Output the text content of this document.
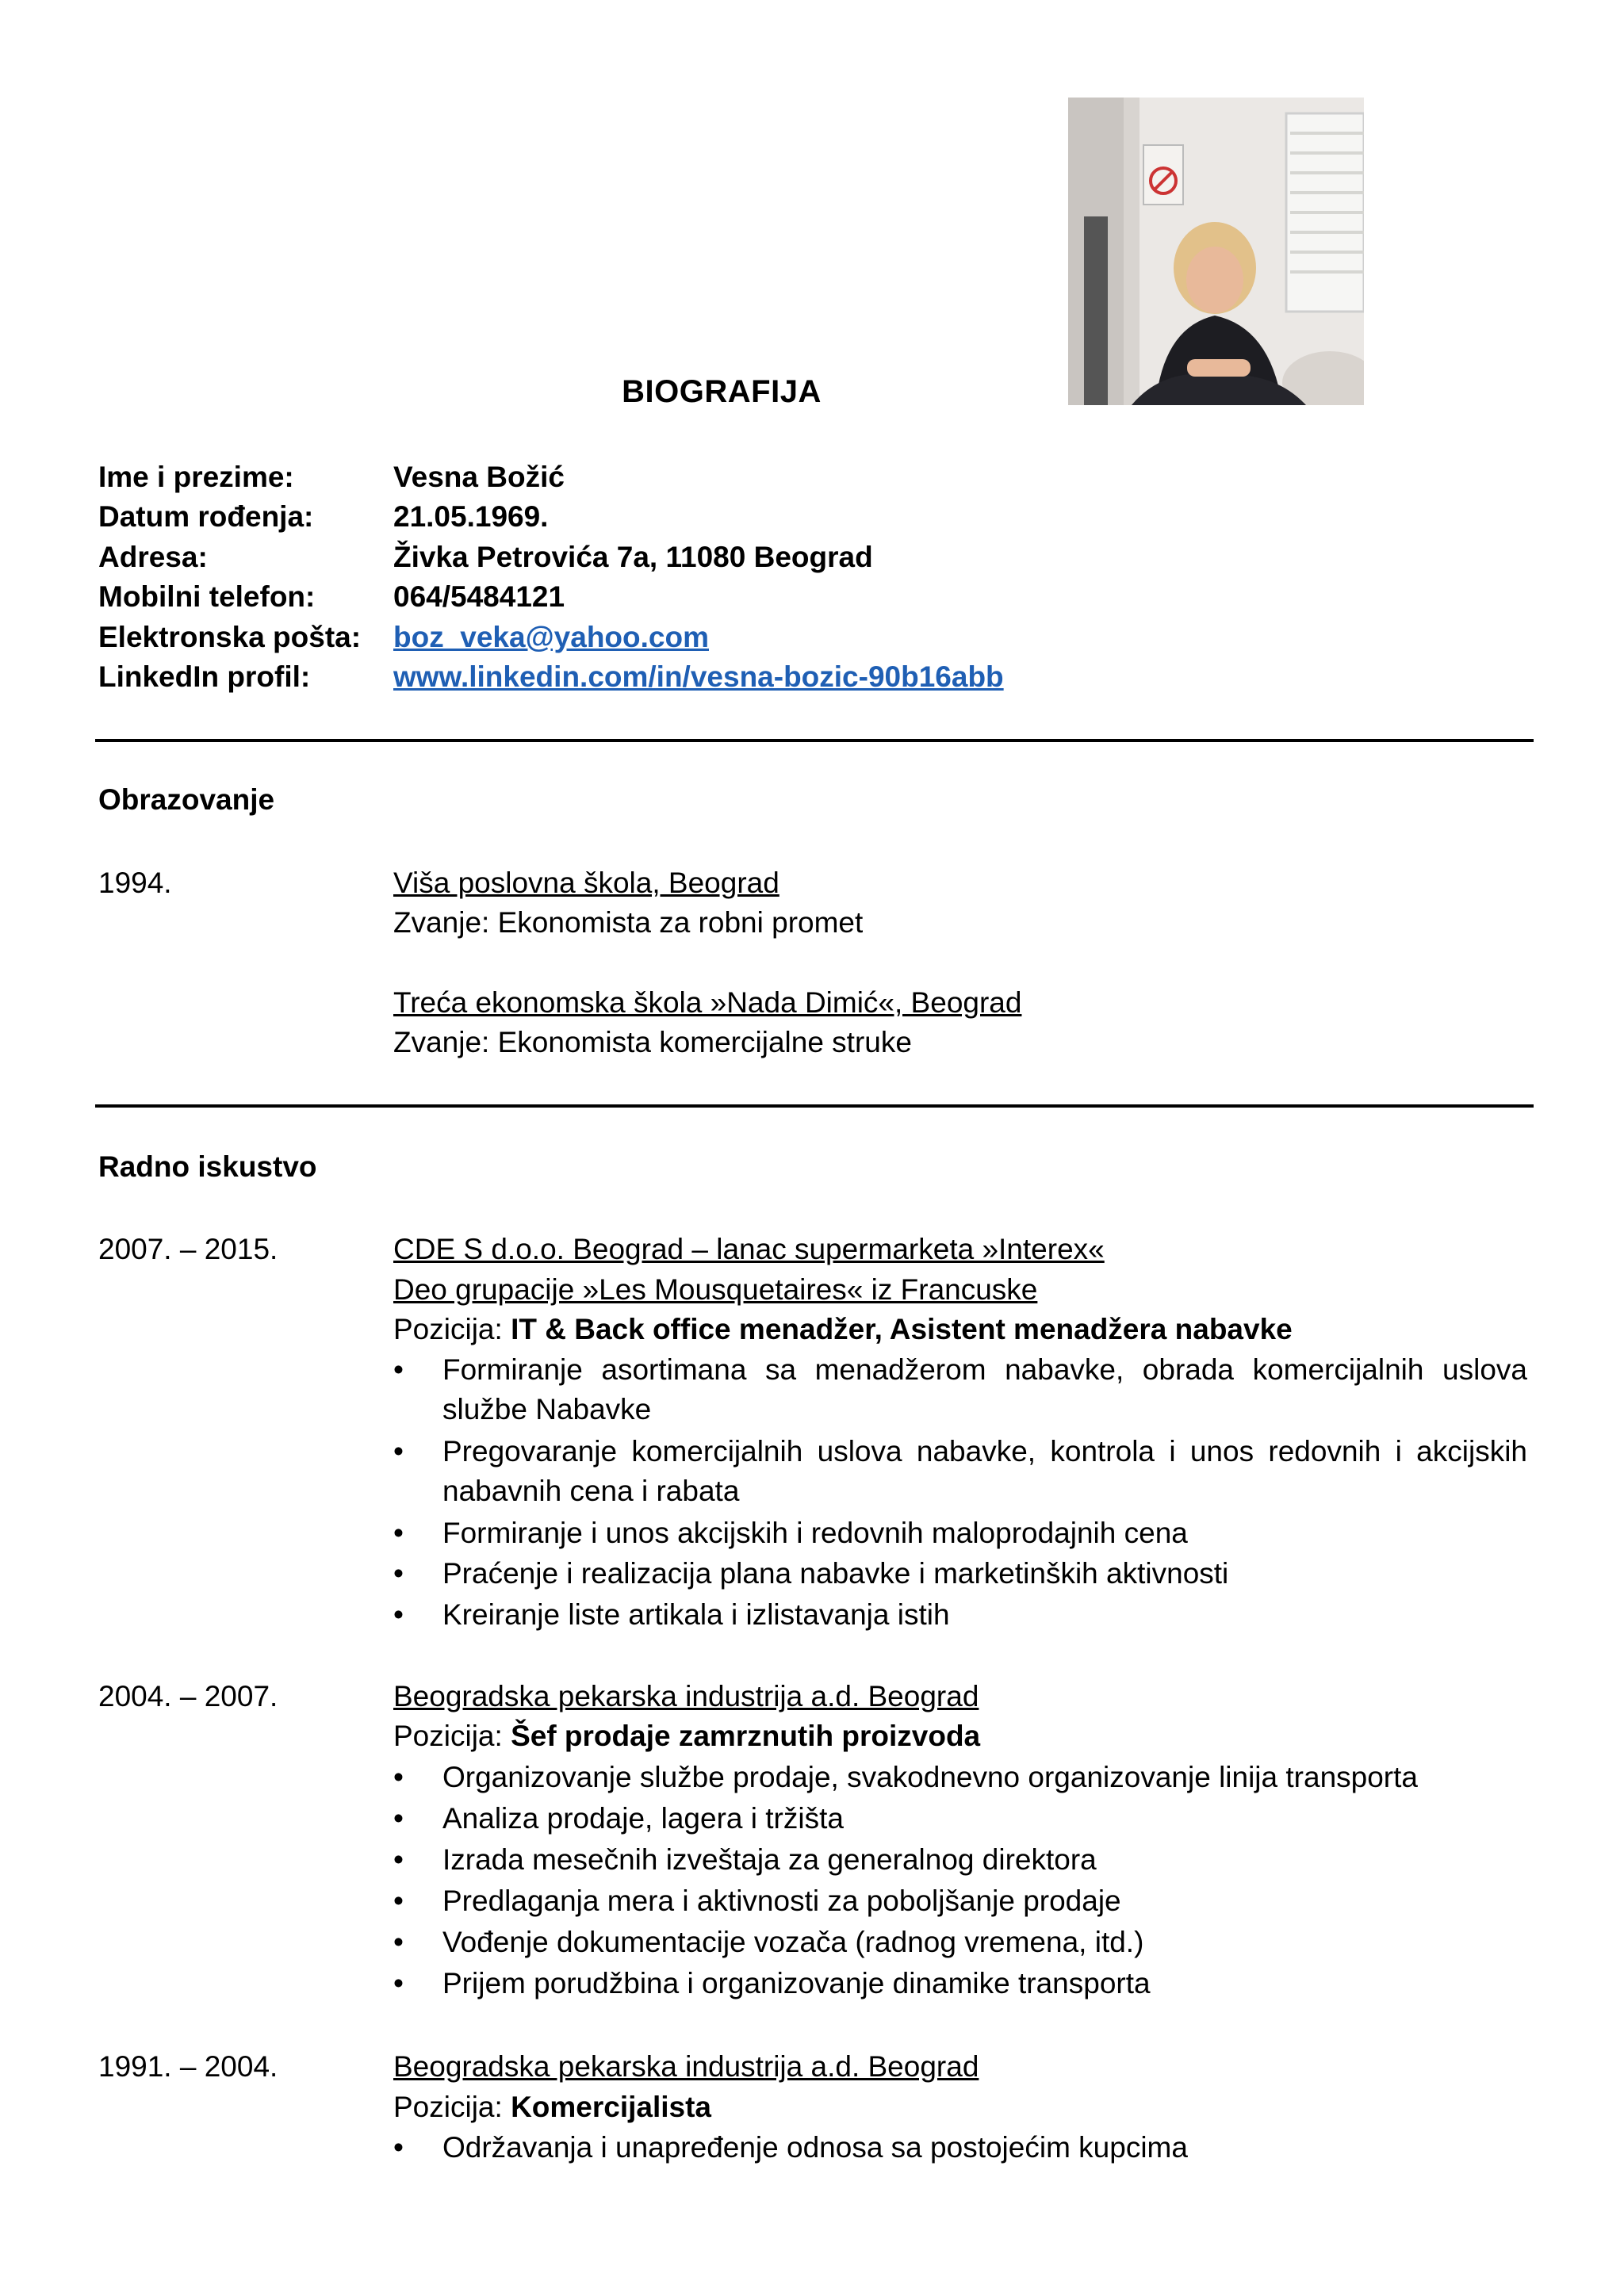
BIOGRAFIJA
Ime i prezime:	Vesna Božić
Datum rođenja:	21.05.1969.
Adresa:	Živka Petrovića 7a, 11080 Beograd
Mobilni telefon:	064/5484121
Elektronska pošta: boz_veka@yahoo.com
LinkedIn profil:	www.linkedin.com/in/vesna-bozic-90b16abb
Obrazovanje
1994.	Viša poslovna škola, Beograd
Zvanje: Ekonomista za robni promet
Treća ekonomska škola »Nada Dimić«, Beograd
Zvanje: Ekonomista komercijalne struke
Radno iskustvo
2007. – 2015.	CDE S d.o.o. Beograd – lanac supermarketa »Interex«
Deo grupacije »Les Mousquetaires« iz Francuske
Pozicija: IT & Back office menadžer, Asistent menadžera nabavke
• Formiranje asortimana sa menadžerom nabavke, obrada komercijalnih uslova
službe Nabavke
• Pregovaranje komercijalnih uslova nabavke, kontrola i unos redovnih i akcijskih
nabavnih cena i rabata
• Formiranje i unos akcijskih i redovnih maloprodajnih cena
• Praćenje i realizacija plana nabavke i marketinških aktivnosti
• Kreiranje liste artikala i izlistavanja istih
2004. – 2007.	Beogradska pekarska industrija a.d. Beograd
Pozicija: Šef prodaje zamrznutih proizvoda
• Organizovanje službe prodaje, svakodnevno organizovanje linija transporta
• Analiza prodaje, lagera i tržišta
• Izrada mesečnih izveštaja za generalnog direktora
• Predlaganja mera i aktivnosti za poboljšanje prodaje
• Vođenje dokumentacije vozača (radnog vremena, itd.)
• Prijem porudžbina i organizovanje dinamike transporta
1991. – 2004.	Beogradska pekarska industrija a.d. Beograd
Pozicija: Komercijalista
• Održavanja i unapređenje odnosa sa postojećim kupcima
